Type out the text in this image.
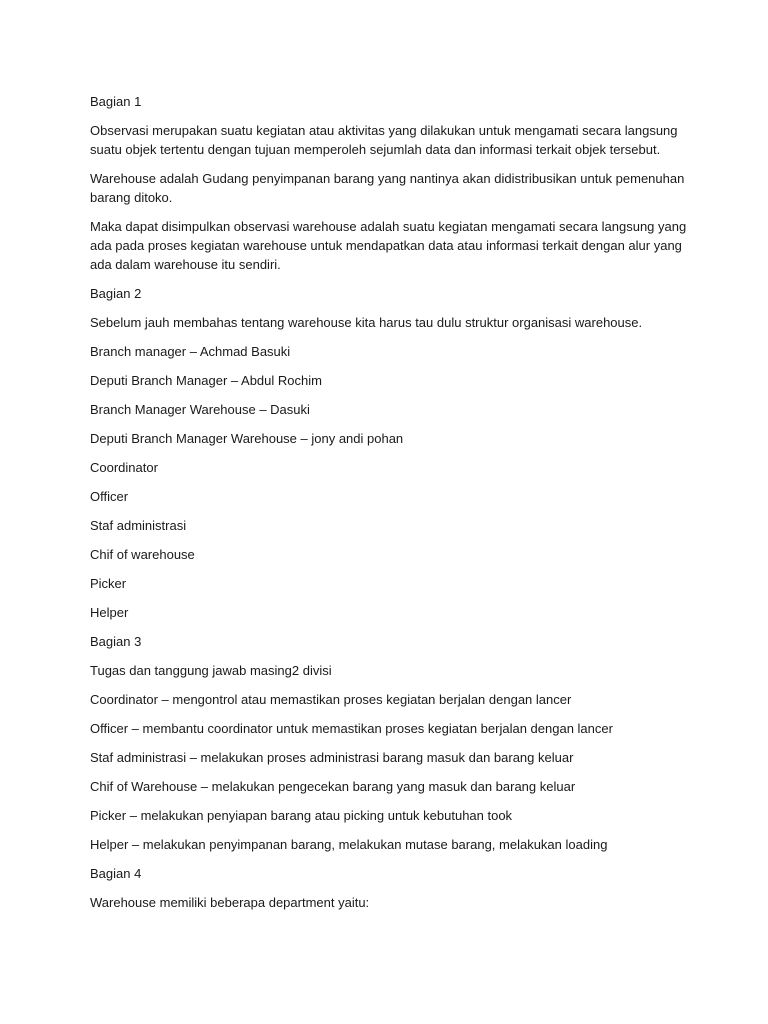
Bagian 1
Observasi merupakan suatu kegiatan atau aktivitas yang dilakukan untuk mengamati secara langsung
suatu objek tertentu dengan tujuan memperoleh sejumlah data dan informasi terkait objek tersebut.
Warehouse adalah Gudang penyimpanan barang yang nantinya akan didistribusikan untuk pemenuhan
barang ditoko.
Maka dapat disimpulkan observasi warehouse adalah suatu kegiatan mengamati secara langsung yang
ada pada proses kegiatan warehouse untuk mendapatkan data atau informasi terkait dengan alur yang
ada dalam warehouse itu sendiri.
Bagian 2
Sebelum jauh membahas tentang warehouse kita harus tau dulu struktur organisasi warehouse.
Branch manager – Achmad Basuki
Deputi Branch Manager – Abdul Rochim
Branch Manager Warehouse – Dasuki
Deputi Branch Manager Warehouse – jony andi pohan
Coordinator
Officer
Staf administrasi
Chif of warehouse
Picker
Helper
Bagian 3
Tugas dan tanggung jawab masing2 divisi
Coordinator – mengontrol atau memastikan proses kegiatan berjalan dengan lancer
Officer – membantu coordinator untuk memastikan proses kegiatan berjalan dengan lancer
Staf administrasi – melakukan proses administrasi barang masuk dan barang keluar
Chif of Warehouse – melakukan pengecekan barang yang masuk dan barang keluar
Picker – melakukan penyiapan barang atau picking untuk kebutuhan took
Helper – melakukan penyimpanan barang, melakukan mutase barang, melakukan loading
Bagian 4
Warehouse memiliki beberapa department yaitu:
